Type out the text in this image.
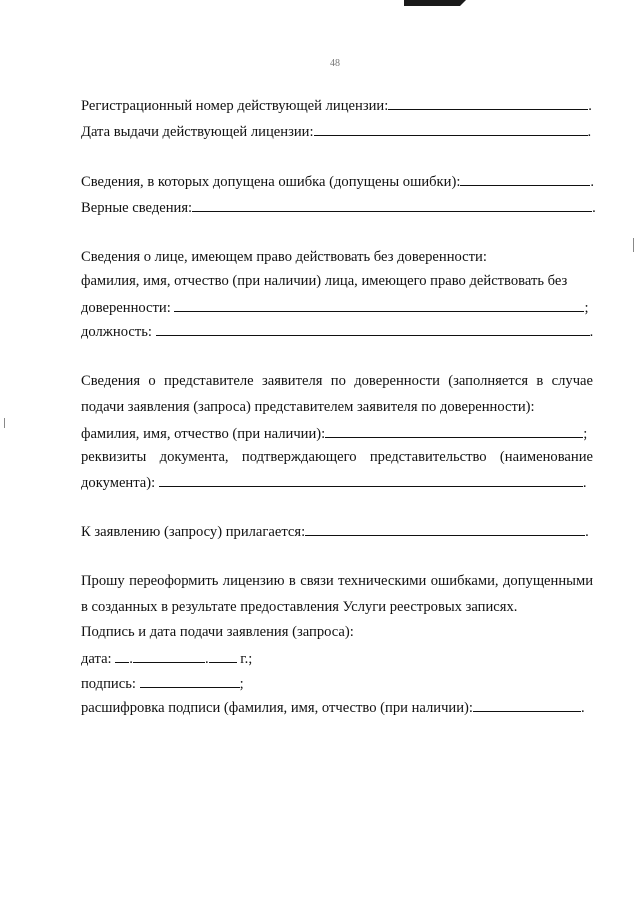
48
Регистрационный номер действующей лицензии:	.
Дата выдачи действующей лицензии:	.
Сведения, в которых допущена ошибка (допущены ошибки):	.
Верные сведения:	.
Сведения о лице, имеющем право действовать без доверенности:
фамилия, имя, отчество (при наличии) лица, имеющего право действовать без
доверенности:	;
должность:	.
Сведения о представителе заявителя по доверенности (заполняется в случае
подачи заявления (запроса) представителем заявителя по доверенности):
фамилия, имя, отчество (при наличии):	;
реквизиты документа, подтверждающего представительство (наименование
документа):	.
К заявлению (запросу) прилагается:	.
Прошу переоформить лицензию в связи техническими ошибками, допущенными
в созданных в результате предоставления Услуги реестровых записях.
Подпись и дата подачи заявления (запроса):
дата: .	. г.;
подпись:	;
расшифровка подписи (фамилия, имя, отчество (при наличии):	.
